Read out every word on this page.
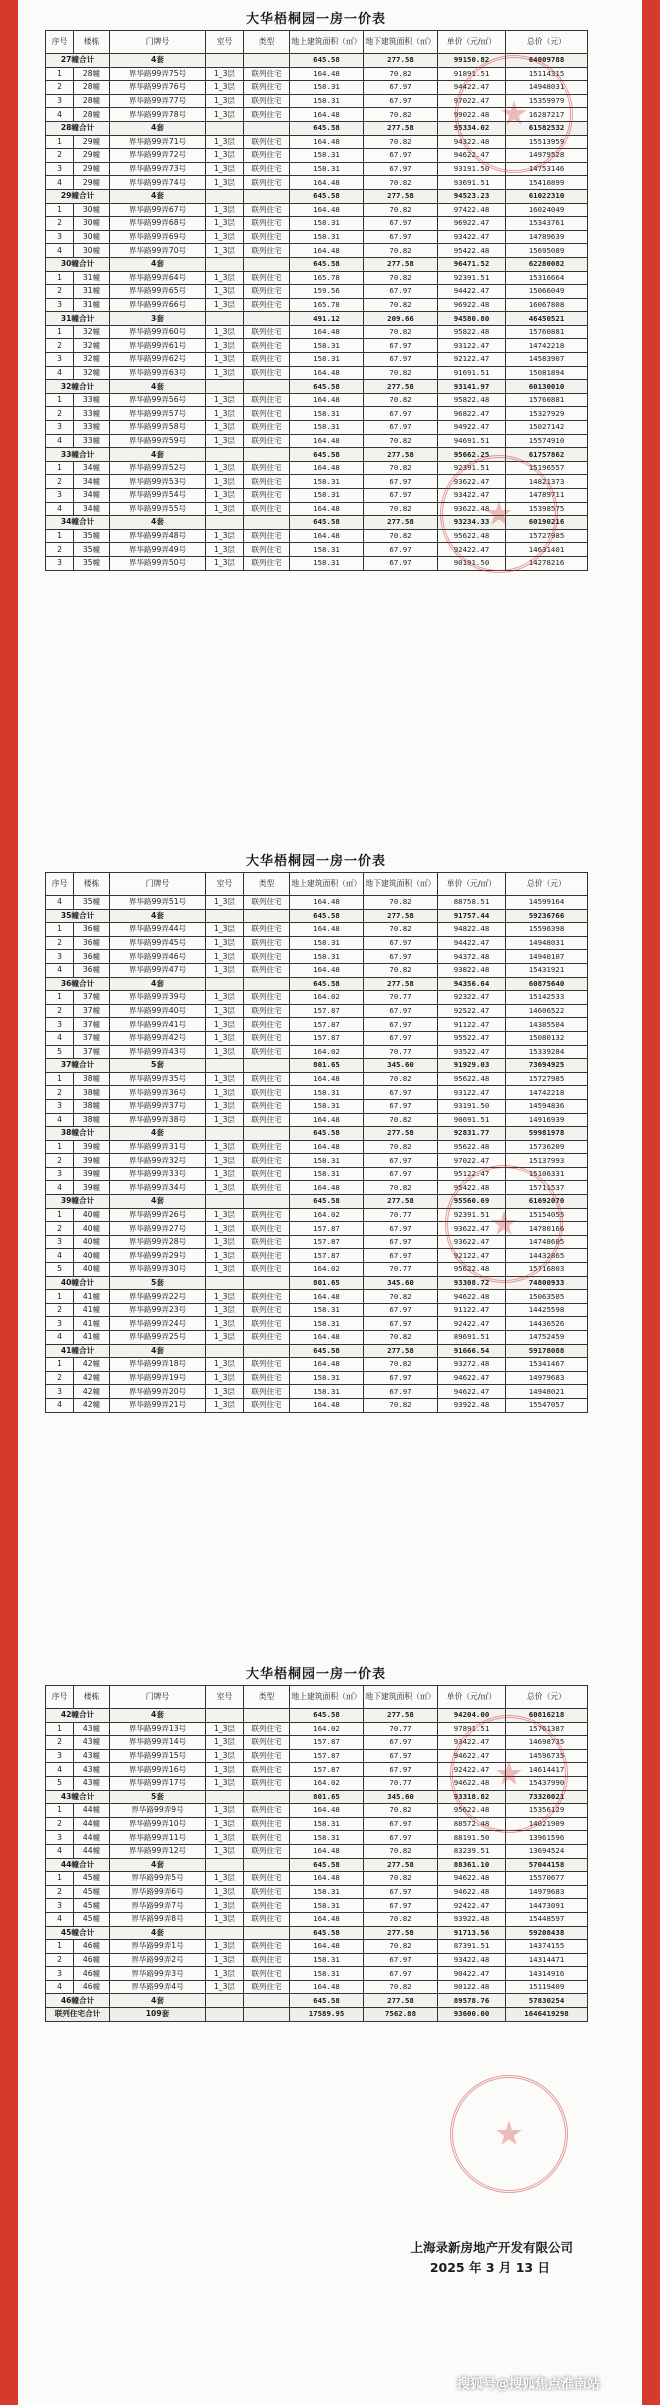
大华梧桐园一房一价表
序号	楼栋	门牌号	室号	类型	地上建筑面积（㎡）	地下建筑面积（㎡）	单价（元/㎡）	总价（元）
27幢合计		4套			645.58	277.58	99150.82	64009788
1	28幢	界华路99弄75号	1_3层	联列住宅	164.48	70.82	91891.51	15114315
2	28幢	界华路99弄76号	1_3层	联列住宅	158.31	67.97	94422.47	14948031
3	28幢	界华路99弄77号	1_3层	联列住宅	158.31	67.97	97022.47	15359979
4	28幢	界华路99弄78号	1_3层	联列住宅	164.48	70.82	99022.48	16287217
28幢合计		4套			645.58	277.58	95334.02	61582532
1	29幢	界华路99弄71号	1_3层	联列住宅	164.48	70.82	94322.48	15513959
2	29幢	界华路99弄72号	1_3层	联列住宅	158.31	67.97	94622.47	14979528
3	29幢	界华路99弄73号	1_3层	联列住宅	158.31	67.97	93191.50	14753146
4	29幢	界华路99弄74号	1_3层	联列住宅	164.48	70.82	93691.51	15410899
29幢合计		4套			645.58	277.58	94523.23	61022310
1	30幢	界华路99弄67号	1_3层	联列住宅	164.48	70.82	97422.48	16024049
2	30幢	界华路99弄68号	1_3层	联列住宅	158.31	67.97	96922.47	15343761
3	30幢	界华路99弄69号	1_3层	联列住宅	158.31	67.97	93422.47	14789639
4	30幢	界华路99弄70号	1_3层	联列住宅	164.48	70.82	95422.48	15695089
30幢合计		4套			645.58	277.58	96471.52	62280082
1	31幢	界华路99弄64号	1_3层	联列住宅	165.78	70.82	92391.51	15316664
2	31幢	界华路99弄65号	1_3层	联列住宅	159.56	67.97	94422.47	15066049
3	31幢	界华路99弄66号	1_3层	联列住宅	165.78	70.82	96922.48	16067808
31幢合计		3套			491.12	209.66	94580.80	46450521
1	32幢	界华路99弄60号	1_3层	联列住宅	164.48	70.82	95822.48	15760881
2	32幢	界华路99弄61号	1_3层	联列住宅	158.31	67.97	93122.47	14742218
3	32幢	界华路99弄62号	1_3层	联列住宅	158.31	67.97	92122.47	14583907
4	32幢	界华路99弄63号	1_3层	联列住宅	164.48	70.82	91691.51	15081894
32幢合计		4套			645.58	277.58	93141.97	60130010
1	33幢	界华路99弄56号	1_3层	联列住宅	164.48	70.82	95822.48	15760881
2	33幢	界华路99弄57号	1_3层	联列住宅	158.31	67.97	96822.47	15327929
3	33幢	界华路99弄58号	1_3层	联列住宅	158.31	67.97	94922.47	15027142
4	33幢	界华路99弄59号	1_3层	联列住宅	164.48	70.82	94691.51	15574910
33幢合计		4套			645.58	277.58	95662.25	61757862
1	34幢	界华路99弄52号	1_3层	联列住宅	164.48	70.82	92391.51	15196557
2	34幢	界华路99弄53号	1_3层	联列住宅	158.31	67.97	93622.47	14821373
3	34幢	界华路99弄54号	1_3层	联列住宅	158.31	67.97	93422.47	14789711
4	34幢	界华路99弄55号	1_3层	联列住宅	164.48	70.82	93622.48	15398575
34幢合计		4套			645.58	277.58	93234.33	60190216
1	35幢	界华路99弄48号	1_3层	联列住宅	164.48	70.82	95622.48	15727985
2	35幢	界华路99弄49号	1_3层	联列住宅	158.31	67.97	92422.47	14631401
3	35幢	界华路99弄50号	1_3层	联列住宅	158.31	67.97	90191.50	14278216
大华梧桐园一房一价表
序号	楼栋	门牌号	室号	类型	地上建筑面积（㎡）	地下建筑面积（㎡）	单价（元/㎡）	总价（元）
4	35幢	界华路99弄51号	1_3层	联列住宅	164.48	70.82	88758.51	14599164
35幢合计		4套			645.58	277.58	91757.44	59236766
1	36幢	界华路99弄44号	1_3层	联列住宅	164.48	70.82	94822.48	15596398
2	36幢	界华路99弄45号	1_3层	联列住宅	158.31	67.97	94422.47	14948031
3	36幢	界华路99弄46号	1_3层	联列住宅	158.31	67.97	94372.48	14940107
4	36幢	界华路99弄47号	1_3层	联列住宅	164.48	70.82	93822.48	15431921
36幢合计		4套			645.58	277.58	94356.64	60875640
1	37幢	界华路99弄39号	1_3层	联列住宅	164.02	70.77	92322.47	15142533
2	37幢	界华路99弄40号	1_3层	联列住宅	157.87	67.97	92522.47	14606522
3	37幢	界华路99弄41号	1_3层	联列住宅	157.87	67.97	91122.47	14385504
4	37幢	界华路99弄42号	1_3层	联列住宅	157.87	67.97	95522.47	15080132
5	37幢	界华路99弄43号	1_3层	联列住宅	164.02	70.77	93522.47	15339284
37幢合计		5套			801.65	345.60	91929.03	73694925
1	38幢	界华路99弄35号	1_3层	联列住宅	164.48	70.82	95622.48	15727985
2	38幢	界华路99弄36号	1_3层	联列住宅	158.31	67.97	93122.47	14742218
3	38幢	界华路99弄37号	1_3层	联列住宅	158.31	67.97	93191.50	14594836
4	38幢	界华路99弄38号	1_3层	联列住宅	164.48	70.82	90691.51	14916939
38幢合计		4套			645.58	277.58	92831.77	59981978
1	39幢	界华路99弄31号	1_3层	联列住宅	164.48	70.82	95622.48	15736209
2	39幢	界华路99弄32号	1_3层	联列住宅	158.31	67.97	97022.47	15137993
3	39幢	界华路99弄33号	1_3层	联列住宅	158.31	67.97	95122.47	15106331
4	39幢	界华路99弄34号	1_3层	联列住宅	164.48	70.82	95422.48	15711537
39幢合计		4套			645.58	277.58	95560.69	61692070
1	40幢	界华路99弄26号	1_3层	联列住宅	164.02	70.77	92391.51	15154055
2	40幢	界华路99弄27号	1_3层	联列住宅	157.87	67.97	93622.47	14780166
3	40幢	界华路99弄28号	1_3层	联列住宅	157.87	67.97	93622.47	14748605
4	40幢	界华路99弄29号	1_3层	联列住宅	157.87	67.97	92122.47	14432865
5	40幢	界华路99弄30号	1_3层	联列住宅	164.02	70.77	95622.48	15716803
40幢合计		5套			801.65	345.60	93308.72	74800933
1	41幢	界华路99弄22号	1_3层	联列住宅	164.48	70.82	94622.48	15063505
2	41幢	界华路99弄23号	1_3层	联列住宅	158.31	67.97	91122.47	14425598
3	41幢	界华路99弄24号	1_3层	联列住宅	158.31	67.97	92422.47	14436526
4	41幢	界华路99弄25号	1_3层	联列住宅	164.48	70.82	89691.51	14752459
41幢合计		4套			645.58	277.58	91666.54	59178088
1	42幢	界华路99弄18号	1_3层	联列住宅	164.48	70.82	93272.48	15341467
2	42幢	界华路99弄19号	1_3层	联列住宅	158.31	67.97	94622.47	14979683
3	42幢	界华路99弄20号	1_3层	联列住宅	158.31	67.97	94622.47	14948021
4	42幢	界华路99弄21号	1_3层	联列住宅	164.48	70.82	93922.48	15547057
大华梧桐园一房一价表
序号	楼栋	门牌号	室号	类型	地上建筑面积（㎡）	地下建筑面积（㎡）	单价（元/㎡）	总价（元）
42幢合计		4套			645.58	277.58	94204.00	60816218
1	43幢	界华路99弄13号	1_3层	联列住宅	164.02	70.77	97891.51	15761387
2	43幢	界华路99弄14号	1_3层	联列住宅	157.87	67.97	93422.47	14698735
3	43幢	界华路99弄15号	1_3层	联列住宅	157.87	67.97	94622.47	14596735
4	43幢	界华路99弄16号	1_3层	联列住宅	157.87	67.97	92422.47	14614417
5	43幢	界华路99弄17号	1_3层	联列住宅	164.02	70.77	94622.48	15437990
43幢合计		5套			801.65	345.60	93318.82	73320021
1	44幢	界华路99弄9号	1_3层	联列住宅	164.48	70.82	95622.48	15356129
2	44幢	界华路99弄10号	1_3层	联列住宅	158.31	67.97	88572.48	14021909
3	44幢	界华路99弄11号	1_3层	联列住宅	158.31	67.97	88191.50	13961596
4	44幢	界华路99弄12号	1_3层	联列住宅	164.48	70.82	83239.51	13694524
44幢合计		4套			645.58	277.58	88361.10	57044158
1	45幢	界华路99弄5号	1_3层	联列住宅	164.48	70.82	94622.48	15570677
2	45幢	界华路99弄6号	1_3层	联列住宅	158.31	67.97	94622.48	14979683
3	45幢	界华路99弄7号	1_3层	联列住宅	158.31	67.97	92422.47	14473091
4	45幢	界华路99弄8号	1_3层	联列住宅	164.48	70.82	93922.48	15448597
45幢合计		4套			645.58	277.58	91713.56	59208438
1	46幢	界华路99弄1号	1_3层	联列住宅	164.48	70.82	87391.51	14374155
2	46幢	界华路99弄2号	1_3层	联列住宅	158.31	67.97	93422.48	14314471
3	46幢	界华路99弄3号	1_3层	联列住宅	158.31	67.97	90422.47	14314916
4	46幢	界华路99弄4号	1_3层	联列住宅	164.48	70.82	90122.48	15119409
46幢合计		4套			645.58	277.58	89578.76	57830254
联列住宅合计		109套			17589.95	7562.88	93600.00	1646419298
上海录新房地产开发有限公司
2025 年 3 月 13 日
搜狐号@搜狐焦点淮南站
